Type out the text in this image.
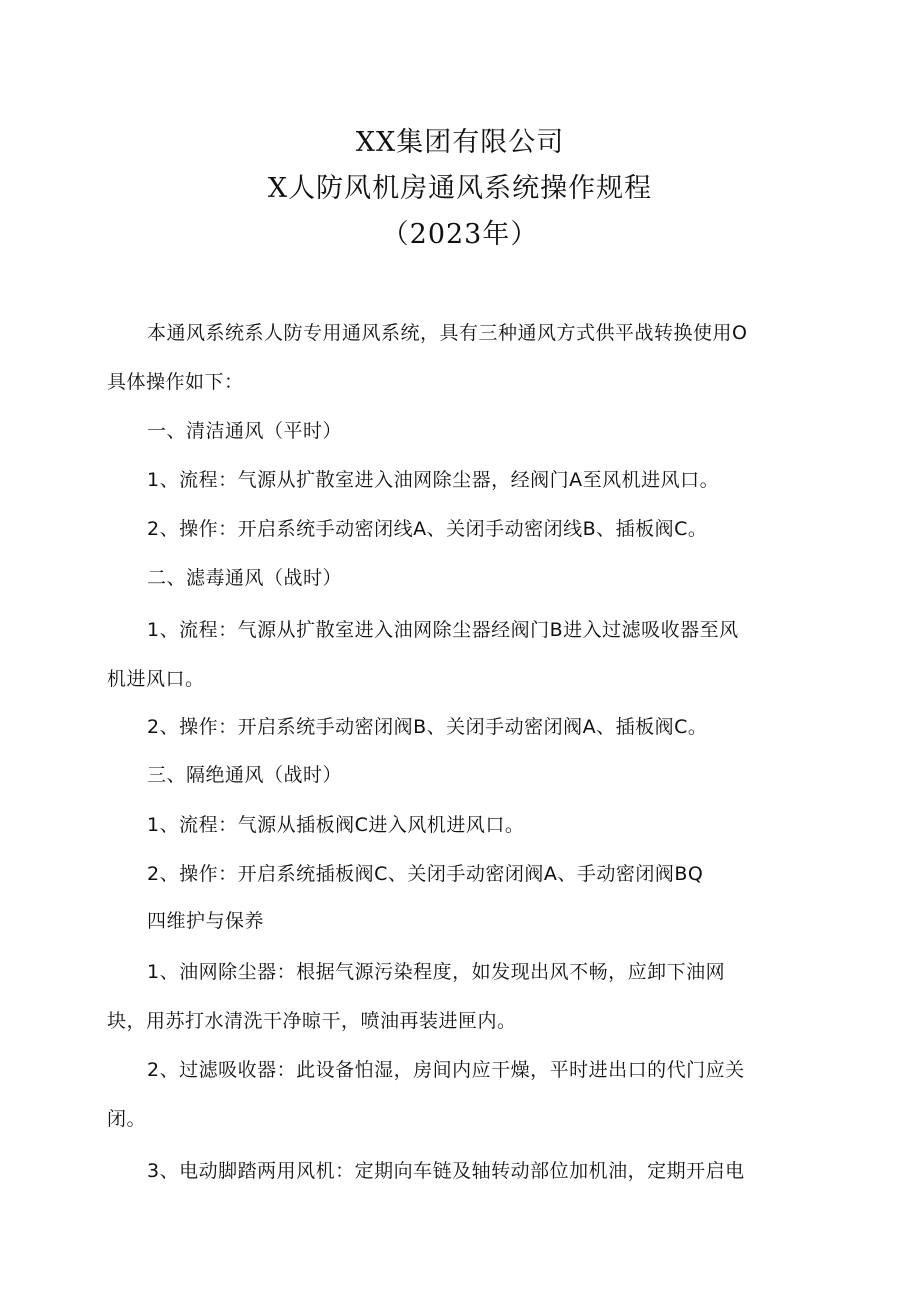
XX集团有限公司
X人防风机房通风系统操作规程
（2023年）
本通风系统系人防专用通风系统，具有三种通风方式供平战转换使用O
具体操作如下：
一、清洁通风（平时）
1、流程：气源从扩散室进入油网除尘器，经阀门A至风机进风口。
2、操作：开启系统手动密闭线A、关闭手动密闭线B、插板阀C。
二、滤毒通风（战时）
1、流程：气源从扩散室进入油网除尘器经阀门B进入过滤吸收器至风
机进风口。
2、操作：开启系统手动密闭阀B、关闭手动密闭阀A、插板阀C。
三、隔绝通风（战时）
1、流程：气源从插板阀C进入风机进风口。
2、操作：开启系统插板阀C、关闭手动密闭阀A、手动密闭阀BQ
四维护与保养
1、油网除尘器：根据气源污染程度，如发现出风不畅，应卸下油网
块，用苏打水清洗干净晾干，喷油再装进匣内。
2、过滤吸收器：此设备怕湿，房间内应干燥，平时进出口的代门应关
闭。
3、电动脚踏两用风机：定期向车链及轴转动部位加机油，定期开启电
